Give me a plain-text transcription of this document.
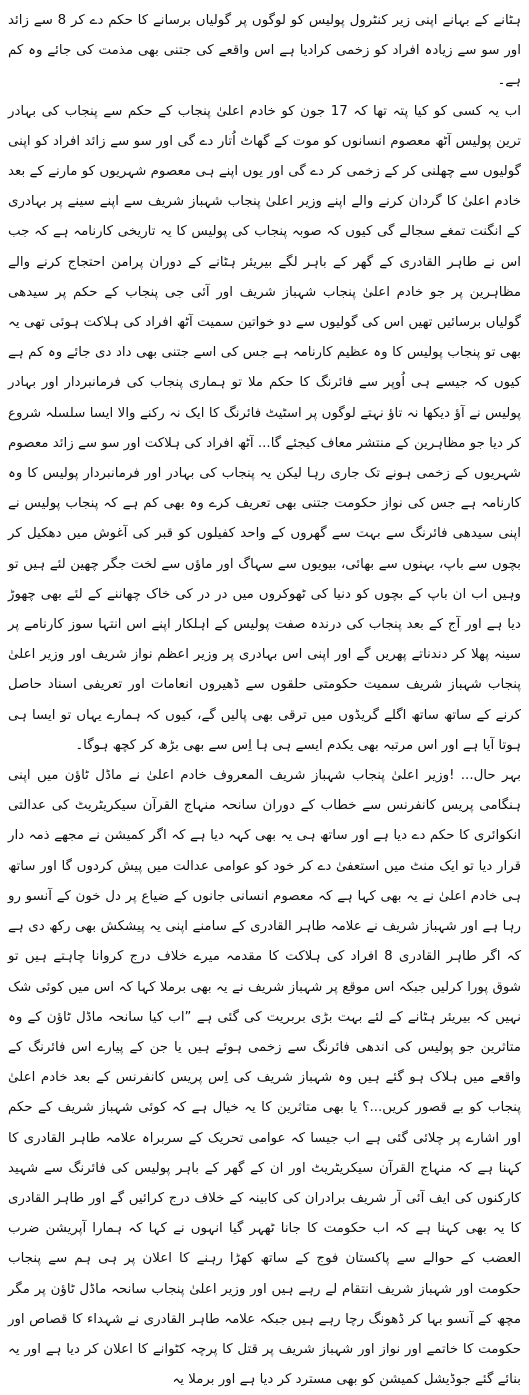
ہٹانے کے بہانے اپنی زیر کنٹرول پولیس کو لوگوں پر گولیاں برسانے کا حکم دے کر 8 سے زائد اور سو سے زیادہ افراد کو زخمی کرادیا ہے اس واقعے کی جتنی بھی مذمت کی جائے وہ کم ہے۔

اب یہ کسی کو کیا پتہ تھا کہ 17 جون کو خادم اعلیٰ پنجاب کے حکم سے پنجاب کی بہادر ترین پولیس آٹھ معصوم انسانوں کو موت کے گھاٹ اُتار دے گی اور سو سے زائد افراد کو اپنی گولیوں سے چھلنی کر کے زخمی کر دے گی اور یوں اپنے ہی معصوم شہریوں کو مارنے کے بعد خادم اعلیٰ کا گردان کرنے والے اپنے وزیر اعلیٰ پنجاب شہباز شریف سے اپنے سینے پر بہادری کے انگنت تمغے سجالے گی کیوں کہ صوبہ پنجاب کی پولیس کا یہ تاریخی کارنامہ ہے کہ جب اس نے طاہر القادری کے گھر کے باہر لگے بیریئر ہٹانے کے دوران پرامن احتجاج کرنے والے مظاہرین پر جو خادم اعلیٰ پنجاب شہباز شریف اور آئی جی پنجاب کے حکم پر سیدھی گولیاں برسائیں تھیں اس کی گولیوں سے دو خواتین سمیت آٹھ افراد کی ہلاکت ہوئی تھی یہ بھی تو پنجاب پولیس کا وہ عظیم کارنامہ ہے جس کی اسے جتنی بھی داد دی جائے وہ کم ہے کیوں کہ جیسے ہی اُوپر سے فائرنگ کا حکم ملا تو ہماری پنجاب کی فرمانبردار اور بہادر پولیس نے آؤ دیکھا نہ تاؤ نہتے لوگوں پر اسٹیٹ فائرنگ کا ایک نہ رکنے والا ایسا سلسلہ شروع کر دیا جو مظاہرین کے منتشر معاف کیجئے گا... آٹھ افراد کی ہلاکت اور سو سے زائد معصوم شہریوں کے زخمی ہونے تک جاری رہا لیکن یہ پنجاب کی بہادر اور فرمانبردار پولیس کا وہ کارنامہ ہے جس کی نواز حکومت جتنی بھی تعریف کرے وہ بھی کم ہے کہ پنجاب پولیس نے اپنی سیدھی فائرنگ سے بہت سے گھروں کے واحد کفیلوں کو قبر کی آغوش میں دھکیل کر بچوں سے باپ، بہنوں سے بھائی، بیویوں سے سہاگ اور ماؤں سے لخت جگر چھین لئے ہیں تو وہیں اب ان باپ کے بچوں کو دنیا کی ٹھوکروں میں در در کی خاک چھاننے کے لئے بھی چھوڑ دیا ہے اور آج کے بعد پنجاب کی درندہ صفت پولیس کے اہلکار اپنے اس انتہا سوز کارنامے پر سینہ پھلا کر دندناتے پھریں گے اور اپنی اس بہادری پر وزیر اعظم نواز شریف اور وزیر اعلیٰ پنجاب شہباز شریف سمیت حکومتی حلقوں سے ڈھیروں انعامات اور تعریفی اسناد حاصل کرنے کے ساتھ ساتھ اگلے گریڈوں میں ترقی بھی پالیں گے، کیوں کہ ہمارے یہاں تو ایسا ہی ہوتا آیا ہے اور اس مرتبہ بھی یکدم ایسے ہی ہا اِس سے بھی بڑھ کر کچھ ہوگا۔

بہر حال... !وزیر اعلیٰ پنجاب شہباز شریف المعروف خادم اعلیٰ نے ماڈل ٹاؤن میں اپنی ہنگامی پریس کانفرنس سے خطاب کے دوران سانحہ منہاج القرآن سیکریٹریٹ کی عدالتی انکوائری کا حکم دے دیا ہے اور ساتھ ہی یہ بھی کہہ دیا ہے کہ اگر کمیشن نے مجھے ذمہ دار قرار دیا تو ایک منٹ میں استعفیٰ دے کر خود کو عوامی عدالت میں پیش کردوں گا اور ساتھ ہی خادم اعلیٰ نے یہ بھی کہا ہے کہ معصوم انسانی جانوں کے ضیاع پر دل خون کے آنسو رو رہا ہے اور شہباز شریف نے علامہ طاہر القادری کے سامنے اپنی یہ پیشکش بھی رکھ دی ہے کہ اگر طاہر القادری 8 افراد کی ہلاکت کا مقدمہ میرے خلاف درج کروانا چاہتے ہیں تو شوق پورا کرلیں جبکہ اس موقع پر شہباز شریف نے یہ بھی برملا کہا کہ اس میں کوئی شک نہیں کہ بیریئر ہٹانے کے لئے بہت بڑی بربریت کی گئی ہے ”اب کیا سانحہ ماڈل ٹاؤن کے وہ متاثرین جو پولیس کی اندھی فائرنگ سے زخمی ہوئے ہیں یا جن کے پیارے اس فائرنگ کے واقعے میں ہلاک ہو گئے ہیں وہ شہباز شریف کی اِس پریس کانفرنس کے بعد خادم اعلیٰ پنجاب کو بے قصور کریں...؟ یا بھی متاثرین کا یہ خیال ہے کہ کوئی شہباز شریف کے حکم اور اشارے پر چلائی گئی ہے اب جیسا کہ عوامی تحریک کے سربراہ علامہ طاہر القادری کا کہنا ہے کہ منہاج القرآن سیکریٹریٹ اور ان کے گھر کے باہر پولیس کی فائرنگ سے شہید کارکنوں کی ایف آئی آر شریف برادران کی کابینہ کے خلاف درج کرائیں گے اور طاہر القادری کا یہ بھی کہنا ہے کہ اب حکومت کا جانا ٹھہر گیا انہوں نے کہا کہ ہمارا آپریشن ضرب العضب کے حوالے سے پاکستان فوج کے ساتھ کھڑا رہنے کا اعلان پر ہی ہم سے پنجاب حکومت اور شہباز شریف انتقام لے رہے ہیں اور وزیر اعلیٰ پنجاب سانحہ ماڈل ٹاؤن پر مگر مچھ کے آنسو بہا کر ڈھونگ رچا رہے ہیں جبکہ علامہ طاہر القادری نے شہداء کا قصاص اور حکومت کا خاتمے اور نواز اور شہباز شریف پر قتل کا پرچہ کٹوانے کا اعلان کر دیا ہے اور یہ بنائے گئے جوڈیشل کمیشن کو بھی مسترد کر دیا ہے اور برملا یہ
